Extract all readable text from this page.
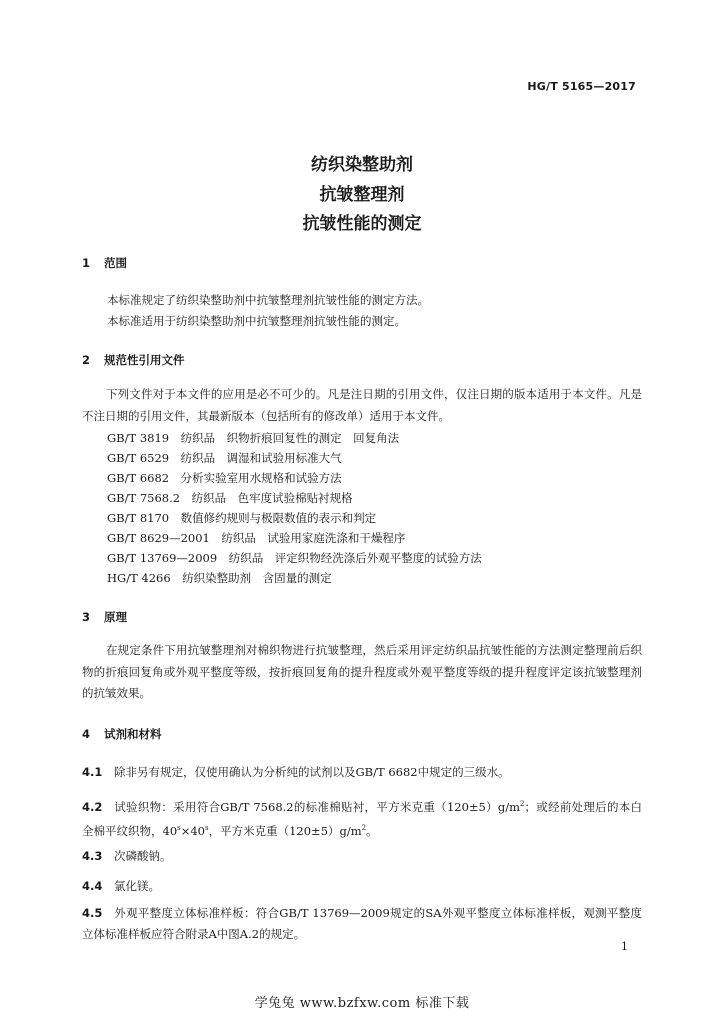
HG/T 5165—2017
纺织染整助剂
抗皱整理剂
抗皱性能的测定
1 范围
本标准规定了纺织染整助剂中抗皱整理剂抗皱性能的测定方法。
本标准适用于纺织染整助剂中抗皱整理剂抗皱性能的测定。
2 规范性引用文件
下列文件对于本文件的应用是必不可少的。凡是注日期的引用文件，仅注日期的版本适用于本文件。凡是不注日期的引用文件，其最新版本（包括所有的修改单）适用于本文件。
GB/T 3819　 纺织品　织物折痕回复性的测定　回复角法
GB/T 6529　 纺织品　调湿和试验用标准大气
GB/T 6682　 分析实验室用水规格和试验方法
GB/T 7568.2　 纺织品　色牢度试验棉贴衬规格
GB/T 8170　 数值修约规则与极限数值的表示和判定
GB/T 8629—2001　 纺织品　试验用家庭洗涤和干燥程序
GB/T 13769—2009　 纺织品　评定织物经洗涤后外观平整度的试验方法
HG/T 4266　 纺织染整助剂　含固量的测定
3 原理
在规定条件下用抗皱整理剂对棉织物进行抗皱整理，然后采用评定纺织品抗皱性能的方法测定整理前后织物的折痕回复角或外观平整度等级，按折痕回复角的提升程度或外观平整度等级的提升程度评定该抗皱整理剂的抗皱效果。
4 试剂和材料
4.1 除非另有规定，仅使用确认为分析纯的试剂以及GB/T 6682中规定的三级水。
4.2 试验织物：采用符合GB/T 7568.2的标准棉贴衬，平方米克重$(120\pm 5)g/m^2$；或经前处理后的本白全棉平纹织物，$40^s\times 40^s$，平方米克重$(120\pm 5)g/m^2$。
4.3 次磷酸钠。
4.4 氯化镁。
4.5 外观平整度立体标准样板：符合GB/T 13769—2009规定的SA外观平整度立体标准样板，观测平整度立体标准样板应符合附录A中图A.2的规定。
1
学兔兔 www.bzfxw.com 标准下载
